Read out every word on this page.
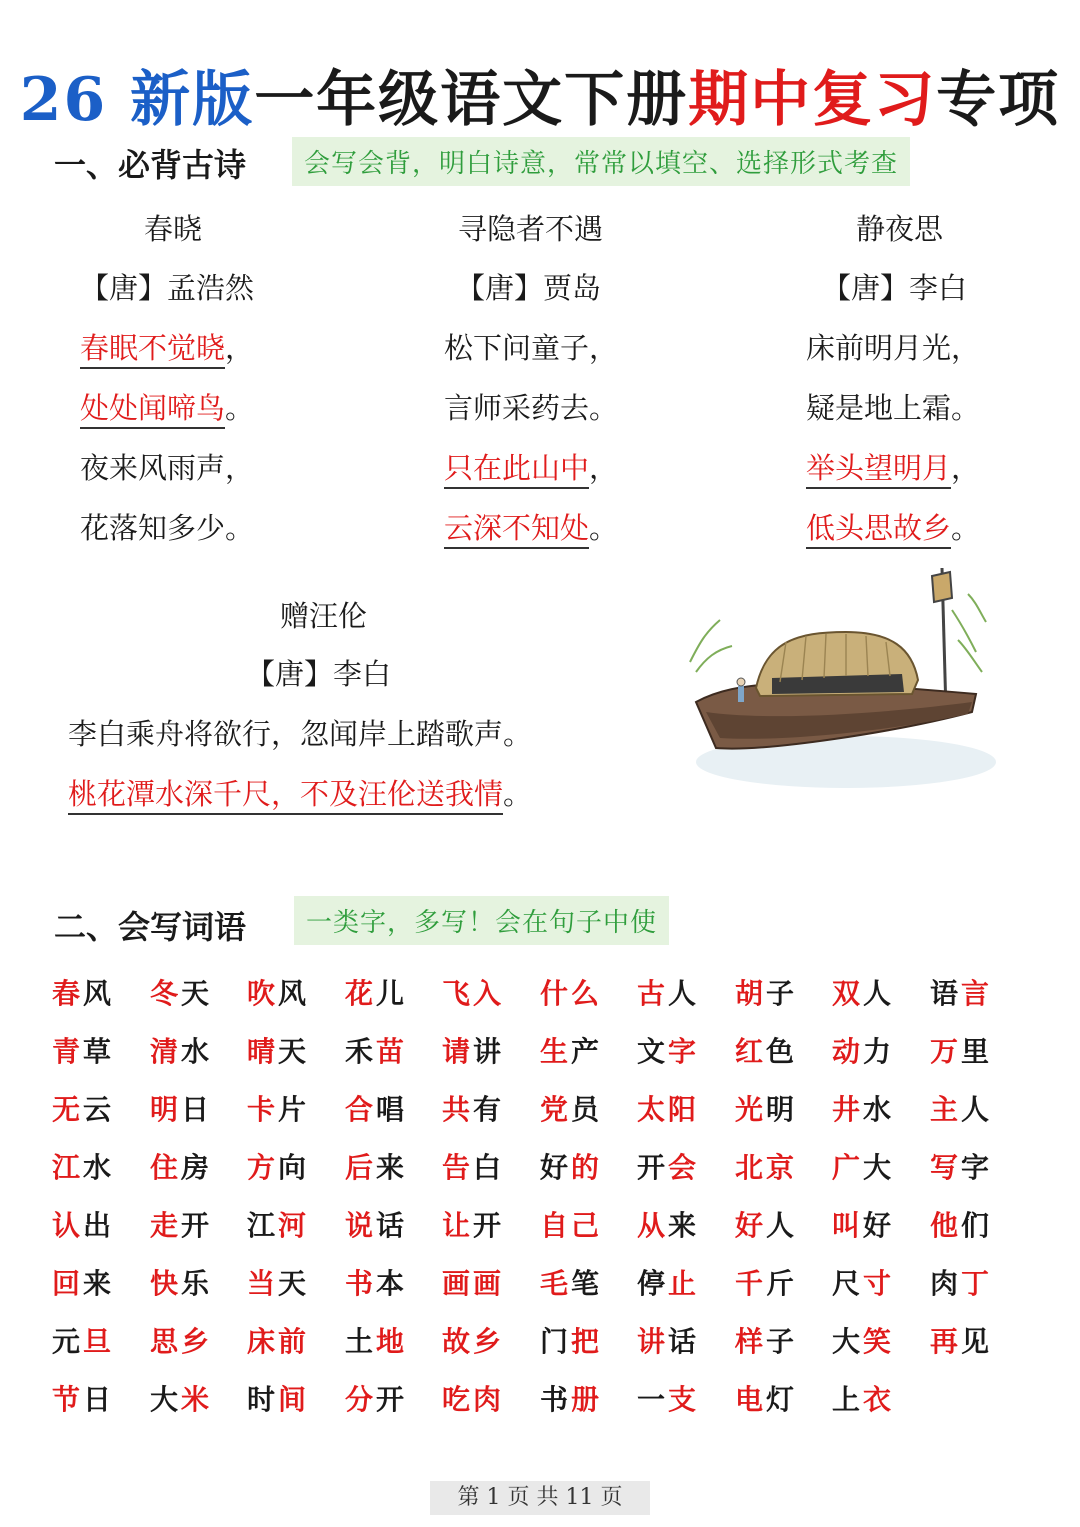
26 新版一年级语文下册期中复习专项
一、必背古诗	会写会背，明白诗意，常常以填空、选择形式考查
春晓
【唐】孟浩然
春眠不觉晓，
处处闻啼鸟。
夜来风雨声，
花落知多少。
寻隐者不遇
【唐】贾岛
松下问童子，
言师采药去。
只在此山中，
云深不知处。
静夜思
【唐】李白
床前明月光，
疑是地上霜。
举头望明月，
低头思故乡。
赠汪伦
【唐】李白
李白乘舟将欲行，忽闻岸上踏歌声。
桃花潭水深千尺，不及汪伦送我情。
二、会写词语	一类字，多写！会在句子中使
春风 冬天 吹风 花儿 飞入 什么 古人 胡子 双人 语言
青草 清水 晴天 禾苗 请讲 生产 文字 红色 动力 万里
无云 明日 卡片 合唱 共有 党员 太阳 光明 井水 主人
江水 住房 方向 后来 告白 好的 开会 北京 广大 写字
认出 走开 江河 说话 让开 自己 从来 好人 叫好 他们
回来 快乐 当天 书本 画画 毛笔 停止 千斤 尺寸 肉丁
元旦 思乡 床前 土地 故乡 门把 讲话 样子 大笑 再见
节日 大米 时间 分开 吃肉 书册 一支 电灯 上衣
第 1 页 共 11 页
